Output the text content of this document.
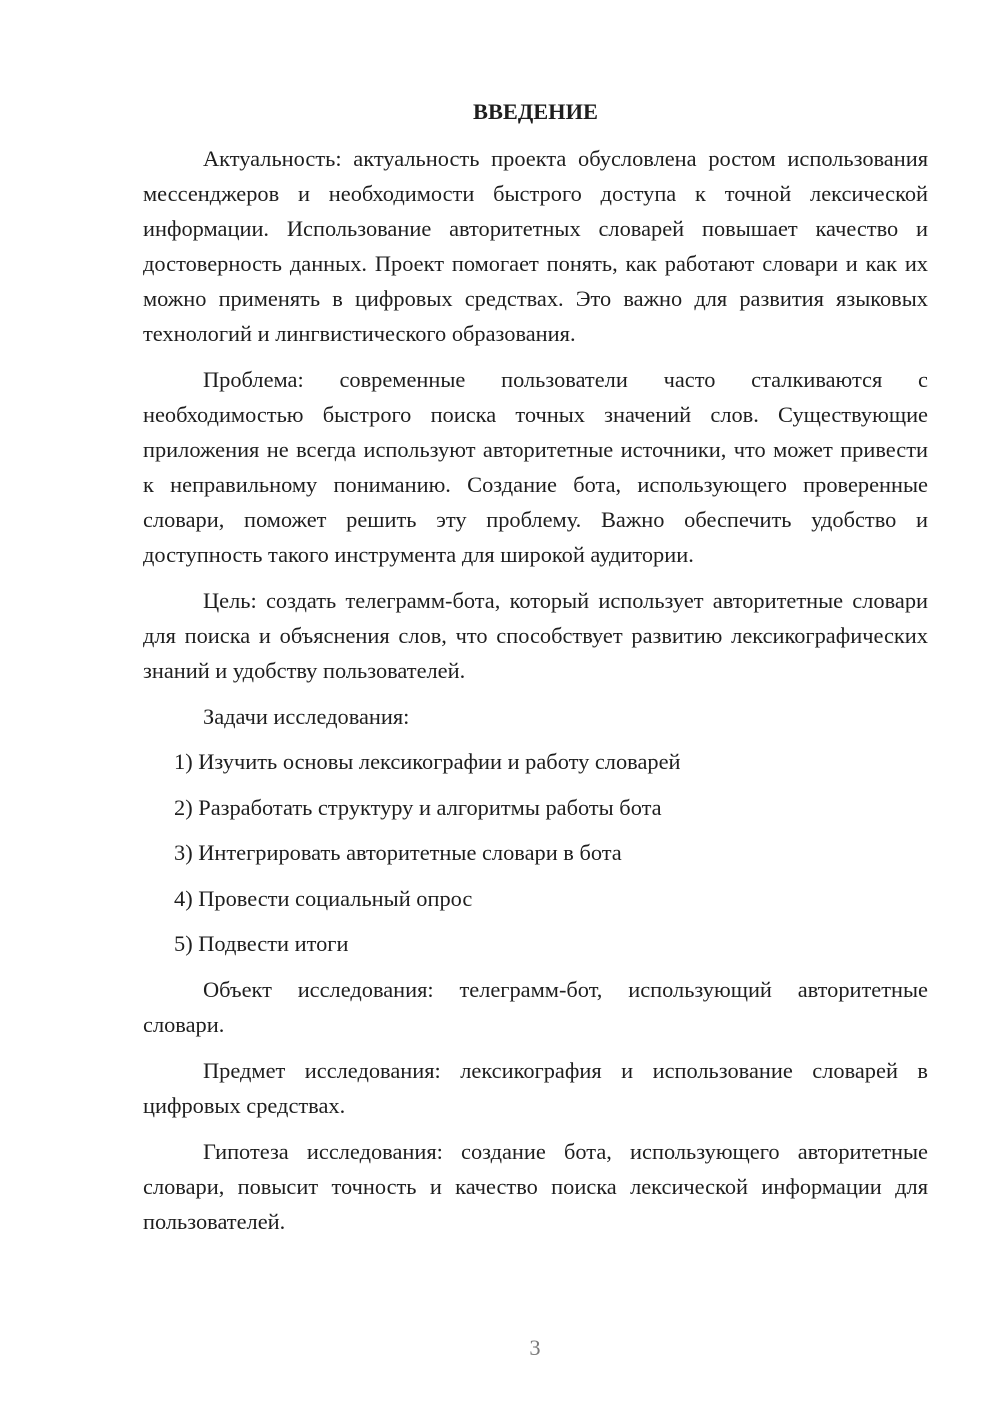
ВВЕДЕНИЕ

Актуальность: актуальность проекта обусловлена ростом использования мессенджеров и необходимости быстрого доступа к точной лексической информации. Использование авторитетных словарей повышает качество и достоверность данных. Проект помогает понять, как работают словари и как их можно применять в цифровых средствах. Это важно для развития языковых технологий и лингвистического образования.

Проблема: современные пользователи часто сталкиваются с необходимостью быстрого поиска точных значений слов. Существующие приложения не всегда используют авторитетные источники, что может привести к неправильному пониманию. Создание бота, использующего проверенные словари, поможет решить эту проблему. Важно обеспечить удобство и доступность такого инструмента для широкой аудитории.

Цель: создать телеграмм-бота, который использует авторитетные словари для поиска и объяснения слов, что способствует развитию лексикографических знаний и удобству пользователей.

Задачи исследования:

1) Изучить основы лексикографии и работу словарей
2) Разработать структуру и алгоритмы работы бота
3) Интегрировать авторитетные словари в бота
4) Провести социальный опрос
5) Подвести итоги

Объект исследования: телеграмм-бот, использующий авторитетные словари.

Предмет исследования: лексикография и использование словарей в цифровых средствах.

Гипотеза исследования: создание бота, использующего авторитетные словари, повысит точность и качество поиска лексической информации для пользователей.

3
